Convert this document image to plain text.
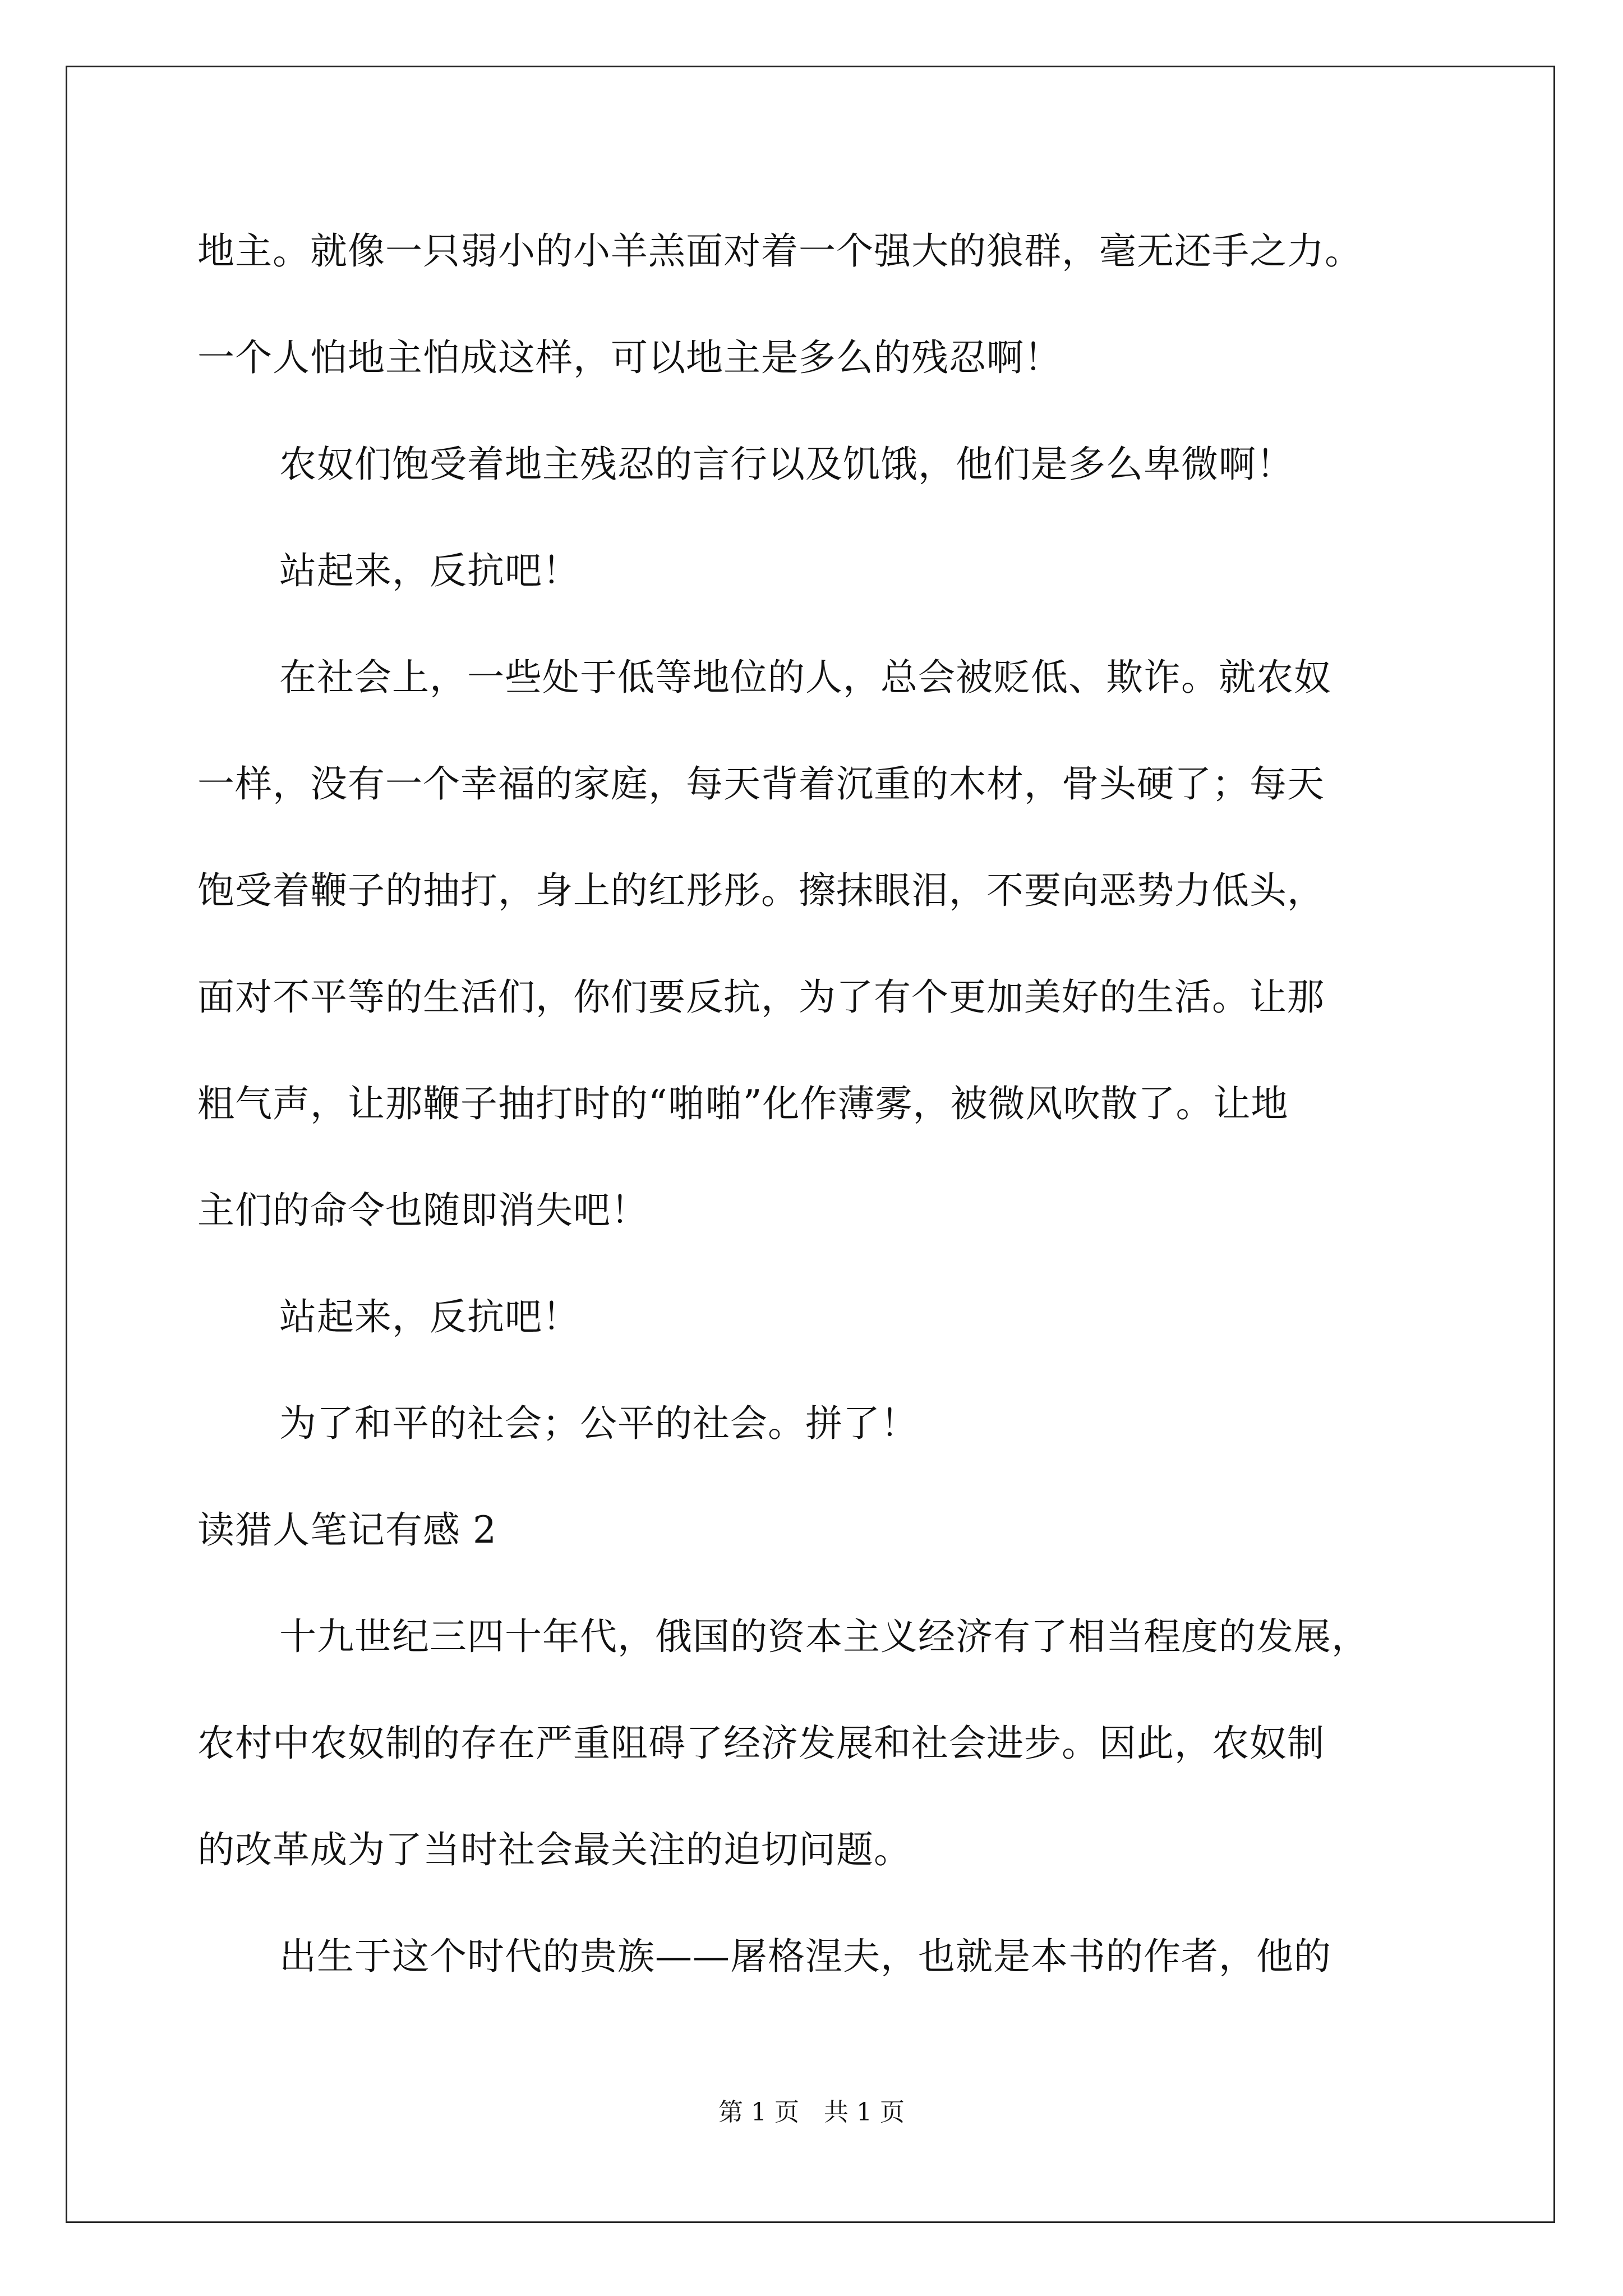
地主。就像一只弱小的小羊羔面对着一个强大的狼群，毫无还手之力。
一个人怕地主怕成这样，可以地主是多么的残忍啊！
农奴们饱受着地主残忍的言行以及饥饿，他们是多么卑微啊！
站起来，反抗吧！
在社会上，一些处于低等地位的人，总会被贬低、欺诈。就农奴
一样，没有一个幸福的家庭，每天背着沉重的木材，骨头硬了；每天
饱受着鞭子的抽打，身上的红彤彤。擦抹眼泪，不要向恶势力低头，
面对不平等的生活们，你们要反抗，为了有个更加美好的生活。让那
粗气声，让那鞭子抽打时的“啪啪”化作薄雾，被微风吹散了。让地
主们的命令也随即消失吧！
站起来，反抗吧！
为了和平的社会；公平的社会。拼了！
读猎人笔记有感 2
十九世纪三四十年代，俄国的资本主义经济有了相当程度的发展，
农村中农奴制的存在严重阻碍了经济发展和社会进步。因此，农奴制
的改革成为了当时社会最关注的迫切问题。
出生于这个时代的贵族——屠格涅夫，也就是本书的作者，他的
第 1 页　共 1 页
